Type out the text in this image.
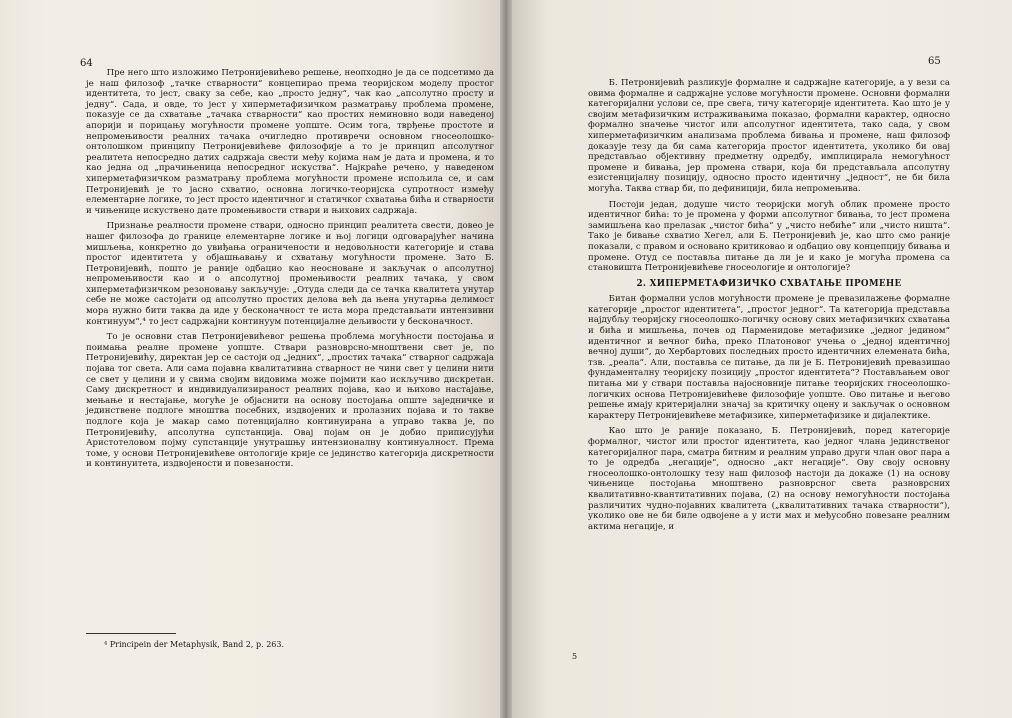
64

Пре него што изложимо Петронијевићево решење, неопходно је да се подсетимо да је наш филозоф „тачке стварности“ концепирао према теоријском моделу простог идентитета, то јест, сваку за себе, као „просто једну“, чак као „апсолутно просту и једну“. Сада, и овде, то јест у хиперметафизичком разматрању проблема промене, показује се да схватање „тачака стварности“ као простих неминовно води наведеној апорији и порицању могућности промене уопште. Осим тога, тврђење простоте и непромењивости реалних тачака очигледно противречи основном гносеолошко-онтолошком принципу Петронијевићеве филозофије а то је принцип апсолутног реалитета непосредно датих садржаја свести међу којима нам је дата и промена, и то као једна од „прачињеница непосредног искуства“. Најкраће речено, у наведеном хиперметафизичком разматрању проблема могућности промене испољила се, и сам Петронијевић је то јасно схватио, основна логичко-теоријска супротност између елементарне логике, то јест просто идентичног и статичког схватања бића и стварности и чињенице искуствено дате промењивости ствари и њихових садржаја.

Признање реалности промене ствари, односно принцип реалитета свести, довео је нашег филозофа до границе елементарне логике и њој логици одговарајућег начина мишљења, конкретно до увиђања ограничености и недовољности категорије и става простог идентитета у објашњавању и схватању могућности промене. Зато Б. Петронијевић, пошто је раније одбацио као неосноване и закључак о апсолутној непромењивости као и о апсолутној промењивости реалних тачака, у свом хиперметафизичком резоновању закључује: „Отуда следи да се тачка квалитета унутар себе не може састојати од апсолутно простих делова већ да њена унутарња делимост мора нужно бити таква да иде у бесконачност те иста мора представљати интензивни континуум“,⁴ то јест садржајни континуум потенцијалне дељивости у бесконачност.

То је основни став Петронијевићевог решења проблема могућности постојања и поимања реалне промене уопште. Ствари разноврсно-мноштвени свет је, по Петронијевићу, директан јер се састоји од „једних“, „простих тачака“ стварног садржаја појава тог света. Али сама појавна квалитативна стварност не чини свет у целини нити се свет у целини и у свима својим видовима може појмити као искључиво дискретан. Саму дискретност и индивидуализираност реалних појава, као и њихово настајање, мењање и нестајање, могуће је објаснити на основу постојања опште заједничке и јединствене подлоге мноштва посебних, издвојених и пролазних појава и то такве подлоге која је макар само потенцијално континуирана а управо таква је, по Петронијевићу, апсолутна супстанција. Овај појам он је добио приписујући Аристотеловом појму супстанције унутрашњу интензионалну континуалност. Према томе, у основи Петронијевићеве онтологије крије се јединство категорија дискретности и континуитета, издвојености и повезаности.

⁴ Principein der Metaphysik, Band 2, p. 263.

Б. Петронијевић разликује формалне и садржајне категорије, а у вези са овима формалне и садржајне услове могућности промене. Основни формални категоријални услови се, пре свега, тичу категорије идентитета. Као што је у својим метафизичким истраживањима показао, формални карактер, односно формално значење чистог или апсолутног идентитета, тако сада, у свом хиперметафизичким анализама проблема бивања и промене, наш филозоф доказује тезу да би сама категорија простог идентитета, уколико би овај представљао објективну предметну одредбу, имплицирала немогућност промене и бивања, јер промена ствари, која би представљала апсолутну езистенцијалну позицију, односно просто идентичну „једност“, не би била могућа. Таква ствар би, по дефиницији, била непромењива.

Постоји један, додуше чисто теоријски могућ облик промене просто идентичног бића: то је промена у форми апсолутног бивања, то јест промена замишљена као прелазак „чистог бића“ у „чисто небиће“ или „чисто ништа“. Тако је бивање схватио Хегел, али Б. Петронијевић је, као што смо раније показали, с правом и основано критиковао и одбацио ову концепцију бивања и промене. Отуд се поставља питање да ли је и како је могућа промена са становишта Петронијевићеве гносеологије и онтологије?

2. ХИПЕРМЕТАФИЗИЧКО СХВАТАЊЕ ПРОМЕНЕ

Битан формални услов могућности промене је превазилажење формалне категорије „простог идентитета“, „простог једног“. Та категорија представља најдубљу теоријску гносеолошко-логичку основу свих метафизичких схватања и бића и мишљења, почев од Парменидове метафизике „једног једином“ идентичног и вечног бића, преко Платоновог учења о „једној идентичној вечној души“, до Хербартових последњих просто идентичних елемената бића, тзв. „реала“. Али, поставља се питање, да ли је Б. Петронијевић превазишао фундаменталну теоријску позицију „простог идентитета“? Постављањем овог питања ми у ствари поставља најосновније питање теоријских гносеолошко-логичких основа Петронијевићеве филозофије уопште. Ово питање и његово решење имају критеријални значај за критичку оцену и закључак о основном карактеру Петронијевићеве метафизике, хиперметафизике и дијалектике.

Као што је раније показано, Б. Петронијевић, поред категорије формалног, чистог или простог идентитета, као једног члана јединственог категоријалног пара, сматра битним и реалним управо други члан овог пара а то је одредба „негације“, односно „акт негације“. Ову своју основну гносеолошко-онтолошку тезу наш филозоф настоји да докаже (1) на основу чињенице постојања мноштвено разноврсног света разноврсних квалитативно-квантитативних појава, (2) на основу немогућности постојања различитих чудно-појавних квалитета („квалитативних тачака стварности“), уколико ове не би биле одвојене а у исти мах и међусобно повезане реалним актима негације, и

5
65
